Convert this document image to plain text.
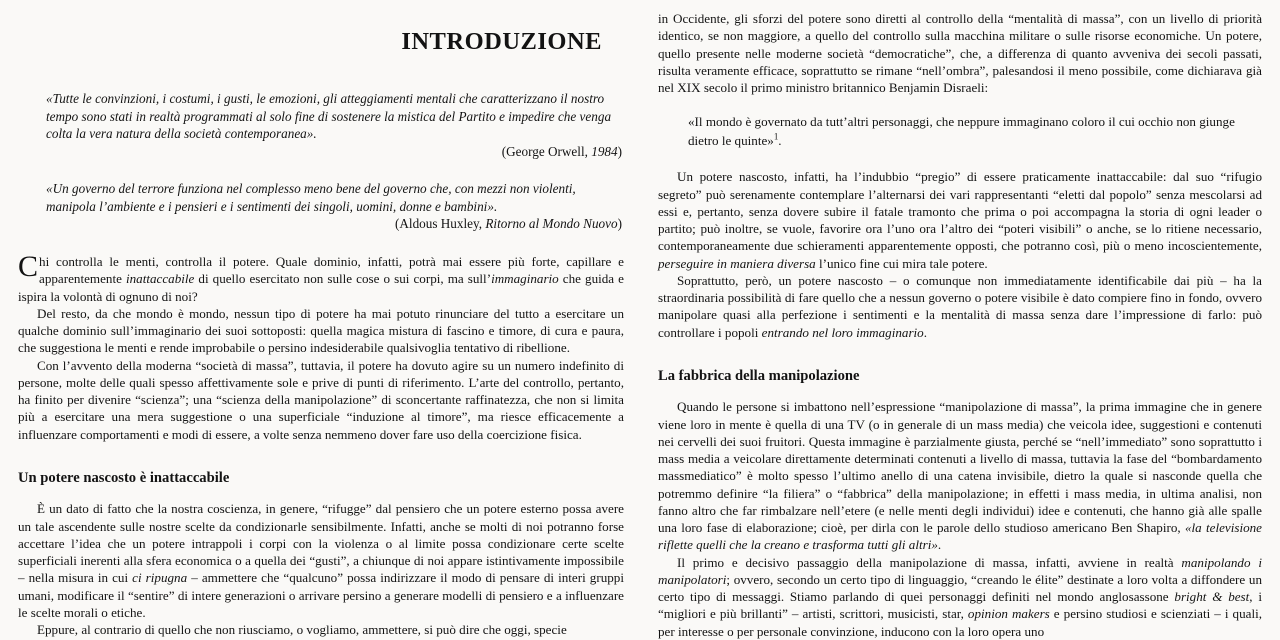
INTRODUZIONE

«Tutte le convinzioni, i costumi, i gusti, le emozioni, gli atteggiamenti mentali che caratterizzano il nostro tempo sono stati in realtà programmati al solo fine di sostenere la mistica del Partito e impedire che venga colta la vera natura della società contemporanea».

(George Orwell, 1984)

«Un governo del terrore funziona nel complesso meno bene del governo che, con mezzi non violenti, manipola l’ambiente e i pensieri e i sentimenti dei singoli, uomini, donne e bambini».

(Aldous Huxley, Ritorno al Mondo Nuovo)

Chi controlla le menti, controlla il potere. Quale dominio, infatti, potrà mai essere più forte, capillare e apparentemente inattaccabile di quello esercitato non sulle cose o sui corpi, ma sull’immaginario che guida e ispira la volontà di ognuno di noi?

Del resto, da che mondo è mondo, nessun tipo di potere ha mai potuto rinunciare del tutto a esercitare un qualche dominio sull’immaginario dei suoi sottoposti: quella magica mistura di fascino e timore, di cura e paura, che suggestiona le menti e rende improbabile o persino indesiderabile qualsivoglia tentativo di ribellione.

Con l’avvento della moderna “società di massa”, tuttavia, il potere ha dovuto agire su un numero indefinito di persone, molte delle quali spesso affettivamente sole e prive di punti di riferimento. L’arte del controllo, pertanto, ha finito per divenire “scienza”; una “scienza della manipolazione” di sconcertante raffinatezza, che non si limita più a esercitare una mera suggestione o una superficiale “induzione al timore”, ma riesce efficacemente a influenzare comportamenti e modi di essere, a volte senza nemmeno dover fare uso della coercizione fisica.

Un potere nascosto è inattaccabile

È un dato di fatto che la nostra coscienza, in genere, “rifugge” dal pensiero che un potere esterno possa avere un tale ascendente sulle nostre scelte da condizionarle sensibilmente. Infatti, anche se molti di noi potranno forse accettare l’idea che un potere intrappoli i corpi con la violenza o al limite possa condizionare certe scelte superficiali inerenti alla sfera economica o a quella dei “gusti”, a chiunque di noi appare istintivamente impossibile – nella misura in cui ci ripugna – ammettere che “qualcuno” possa indirizzare il modo di pensare di interi gruppi umani, modificare il “sentire” di intere generazioni o arrivare persino a generare modelli di pensiero e a influenzare le scelte morali o etiche.

Eppure, al contrario di quello che non riusciamo, o vogliamo, ammettere, si può dire che oggi, specie

in Occidente, gli sforzi del potere sono diretti al controllo della “mentalità di massa”, con un livello di priorità identico, se non maggiore, a quello del controllo sulla macchina militare o sulle risorse economiche. Un potere, quello presente nelle moderne società “democratiche”, che, a differenza di quanto avveniva dei secoli passati, risulta veramente efficace, soprattutto se rimane “nell’ombra”, palesandosi il meno possibile, come dichiarava già nel XIX secolo il primo ministro britannico Benjamin Disraeli:

«Il mondo è governato da tutt’altri personaggi, che neppure immaginano coloro il cui occhio non giunge dietro le quinte»$^1$.

Un potere nascosto, infatti, ha l’indubbio “pregio” di essere praticamente inattaccabile: dal suo “rifugio segreto” può serenamente contemplare l’alternarsi dei vari rappresentanti “eletti dal popolo” senza mescolarsi ad essi e, pertanto, senza dovere subire il fatale tramonto che prima o poi accompagna la storia di ogni leader o partito; può inoltre, se vuole, favorire ora l’uno ora l’altro dei “poteri visibili” o anche, se lo ritiene necessario, contemporaneamente due schieramenti apparentemente opposti, che potranno così, più o meno incoscientemente, perseguire in maniera diversa l’unico fine cui mira tale potere.

Soprattutto, però, un potere nascosto – o comunque non immediatamente identificabile dai più – ha la straordinaria possibilità di fare quello che a nessun governo o potere visibile è dato compiere fino in fondo, ovvero manipolare quasi alla perfezione i sentimenti e la mentalità di massa senza dare l’impressione di farlo: può controllare i popoli entrando nel loro immaginario.

La fabbrica della manipolazione

Quando le persone si imbattono nell’espressione “manipolazione di massa”, la prima immagine che in genere viene loro in mente è quella di una TV (o in generale di un mass media) che veicola idee, suggestioni e contenuti nei cervelli dei suoi fruitori. Questa immagine è parzialmente giusta, perché se “nell’immediato” sono soprattutto i mass media a veicolare direttamente determinati contenuti a livello di massa, tuttavia la fase del “bombardamento massmediatico” è molto spesso l’ultimo anello di una catena invisibile, dietro la quale si nasconde quella che potremmo definire “la filiera” o “fabbrica” della manipolazione; in effetti i mass media, in ultima analisi, non fanno altro che far rimbalzare nell’etere (e nelle menti degli individui) idee e contenuti, che hanno già alle spalle una loro fase di elaborazione; cioè, per dirla con le parole dello studioso americano Ben Shapiro, «la televisione riflette quelli che la creano e trasforma tutti gli altri».

Il primo e decisivo passaggio della manipolazione di massa, infatti, avviene in realtà manipolando i manipolatori; ovvero, secondo un certo tipo di linguaggio, “creando le élite” destinate a loro volta a diffondere un certo tipo di messaggi. Stiamo parlando di quei personaggi definiti nel mondo anglosassone bright & best, i “migliori e più brillanti” – artisti, scrittori, musicisti, star, opinion makers e persino studiosi e scienziati – i quali, per interesse o per personale convinzione, inducono con la loro opera uno
